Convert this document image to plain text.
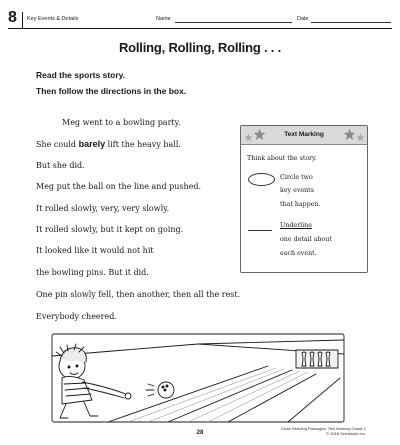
8 Key Events & Details	Name	Date
Rolling, Rolling, Rolling . . .
Read the sports story.
Then follow the directions in the box.
Meg went to a bowling party.
She could barely lift the heavy ball.
But she did.
Meg put the ball on the line and pushed.
It rolled slowly, very, very slowly.
It rolled slowly, but it kept on going.
It looked like it would not hit
the bowling pins. But it did.
One pin slowly fell, then another, then all the rest.
Everybody cheered.
Text Marking
Think about the story.
Circle two
key events
that happen.
Underline
one detail about
each event.
28
Close Reading Passages: Text Marking Grade 1
© 2016 Scholastic Inc.
